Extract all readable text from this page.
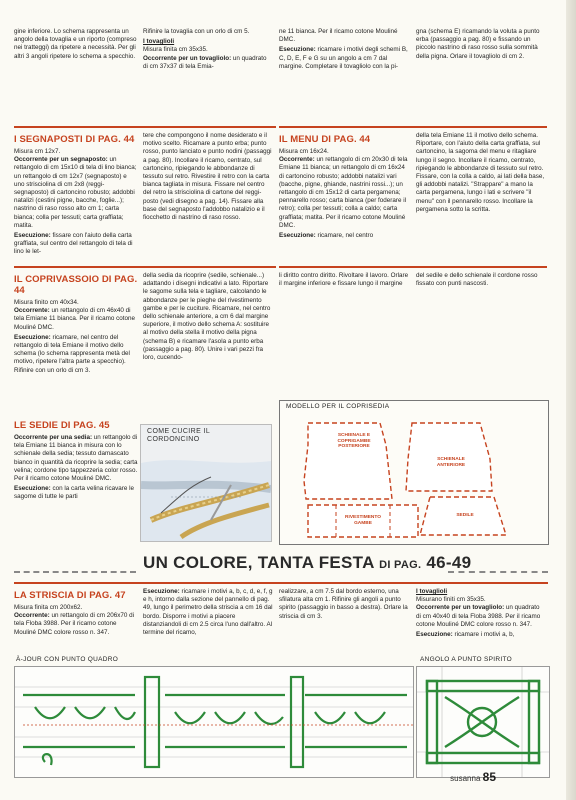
gine inferiore. Lo schema rappresenta un angolo della tovaglia e un riporto (compreso nei tratteggi) da ripetere a necessità. Per gli altri 3 angoli ripetere lo schema a specchio.

Rifinire la tovaglia con un orlo di cm 5.

I tovaglioli

Misura finita cm 35x35.

Occorrente per un tovagliolo: un quadrato di cm 37x37 di tela Emia-

ne 11 bianca. Per il ricamo cotone Mouliné DMC.

Esecuzione: ricamare i motivi degli schemi B, C, D, E, F e G su un angolo a cm 7 dal margine. Completare il tovagliolo con la pi-

gna (schema E) ricamando la voluta a punto erba (passaggio a pag. 80) e fissando un piccolo nastrino di raso rosso sulla sommità della pigna. Orlare il tovagliolo di cm 2.

I SEGNAPOSTI DI PAG. 44

Misura cm 12x7.

Occorrente per un segnaposto: un rettangolo di cm 15x10 di tela di lino bianca; un rettangolo di cm 12x7 (segnaposto) e uno strisciolina di cm 2x8 (reggi-segnaposto) di cartoncino robusto; addobbi natalizi (cestini pigne, bacche, foglie...); nastrino di raso rosso alto cm 1; carta bianca; colla per tessuti; carta graffiata; matita.

Esecuzione: fissare con l'aiuto della carta graffiata, sul centro del rettangolo di tela di lino le let-

tere che compongono il nome desiderato e il motivo scelto. Ricamare a punto erba; punto rosso, punto lanciato e punto nodini (passaggi a pag. 80). Incollare il ricamo, centrato, sul cartoncino, ripiegando le abbondanze di tessuto sul retro. Rivestire il retro con la carta bianca tagliata in misura. Fissare nel centro del retro la strisciolina di cartone del reggi-posto (vedi disegno a pag. 14). Fissare alla base del segnaposto l'addobbo natalizio e il fiocchetto di nastrino di raso rosso.

IL MENU DI PAG. 44

Misura cm 16x24.

Occorrente: un rettangolo di cm 20x30 di tela Emiane 11 bianca; un rettangolo di cm 16x24 di cartoncino robusto; addobbi natalizi vari (bacche, pigne, ghiande, nastrini rossi...); un rettangolo di cm 15x12 di carta pergamena; pennarello rosso; carta bianca (per foderare il retro); colla per tessuti; colla a caldo; carta graffiata; matita. Per il ricamo cotone Mouliné DMC.

Esecuzione: ricamare, nel centro

della tela Emiane 11 il motivo dello schema. Riportare, con l'aiuto della carta graffiata, sul cartoncino, la sagoma del menu e ritagliare lungo il segno. Incollare il ricamo, centrato, ripiegando le abbondanze di tessuto sul retro. Fissare, con la colla a caldo, ai lati della base, gli addobbi natalizi. "Strappare" a mano la carta pergamena, lungo i lati e scrivere "il menu" con il pennarello rosso. Incollare la pergamena sotto la scritta.

IL COPRIVASSOIO DI PAG. 44

Misura finito cm 40x34.

Occorrente: un rettangolo di cm 46x40 di tela Emiane 11 bianca. Per il ricamo cotone Mouliné DMC.

Esecuzione: ricamare, nel centro del rettangolo di tela Emiane il motivo dello schema (lo schema rappresenta metà del motivo, ripetere l'altra parte a specchio). Rifinire con un orlo di cm 3.

LE SEDIE DI PAG. 45

Occorrente per una sedia: un rettangolo di tela Emiane 11 bianca in misura con lo schienale della sedia; tessuto damascato bianco in quantità da ricoprire la sedia; carta velina; cordone tipo tappezzeria color rosso. Per il ricamo cotone Mouliné DMC.

Esecuzione: con la carta velina ricavare le sagome di tutte le parti

della sedia da ricoprire (sedile, schienale...) adattando i disegni indicativi a lato. Riportare le sagome sulla tela e tagliare, calcolando le abbondanze per le pieghe del rivestimento gambe e per le cuciture. Ricamare, nel centro dello schienale anteriore, a cm 6 dal margine superiore, il motivo dello schema A: sostituire al motivo della stella il motivo della pigna (schema B) e ricamare l'asola a punto erba (passaggio a pag. 80). Unire i vari pezzi fra loro, cucendo-

li diritto contro diritto. Rivoltare il lavoro. Orlare il margine inferiore e fissare lungo il margine

del sedile e dello schienale il cordone rosso fissato con punti nascosti.

COME CUCIRE IL CORDONCINO
MODELLO PER IL COPRISEDIA
SCHIENALE E COPRIGAMBE POSTERIORE
SCHIENALE ANTERIORE
SEDILE
RIVESTIMENTO GAMBE
UN COLORE, TANTA FESTA DI PAG. 46-49
LA STRISCIA DI PAG. 47

Misura finita cm 200x62.

Occorrente: un rettangolo di cm 206x70 di tela Floba 3988. Per il ricamo cotone Mouliné DMC colore rosso n. 347.

Esecuzione: ricamare i motivi a, b, c, d, e, f, g e h, intorno dalla sezione del pannello di pag. 49, lungo il perimetro della striscia a cm 16 dal bordo. Disporre i motivi a piacere distanziandoli di cm 2.5 circa l'uno dall'altro. Al termine del ricamo,

realizzare, a cm 7.5 dal bordo esterno, una sfilatura alta cm 1. Rifinire gli angoli a punto spirito (passaggio in basso a destra). Orlare la striscia di cm 3.

I tovaglioli

Misurano finiti cm 35x35.

Occorrente per un tovagliolo: un quadrato di cm 40x40 di tela Floba 3988. Per il ricamo cotone Mouliné DMC colore rosso n. 347.

Esecuzione: ricamare i motivi a, b,

À-JOUR CON PUNTO QUADRO	ANGOLO A PUNTO SPIRITO
susanna 85
